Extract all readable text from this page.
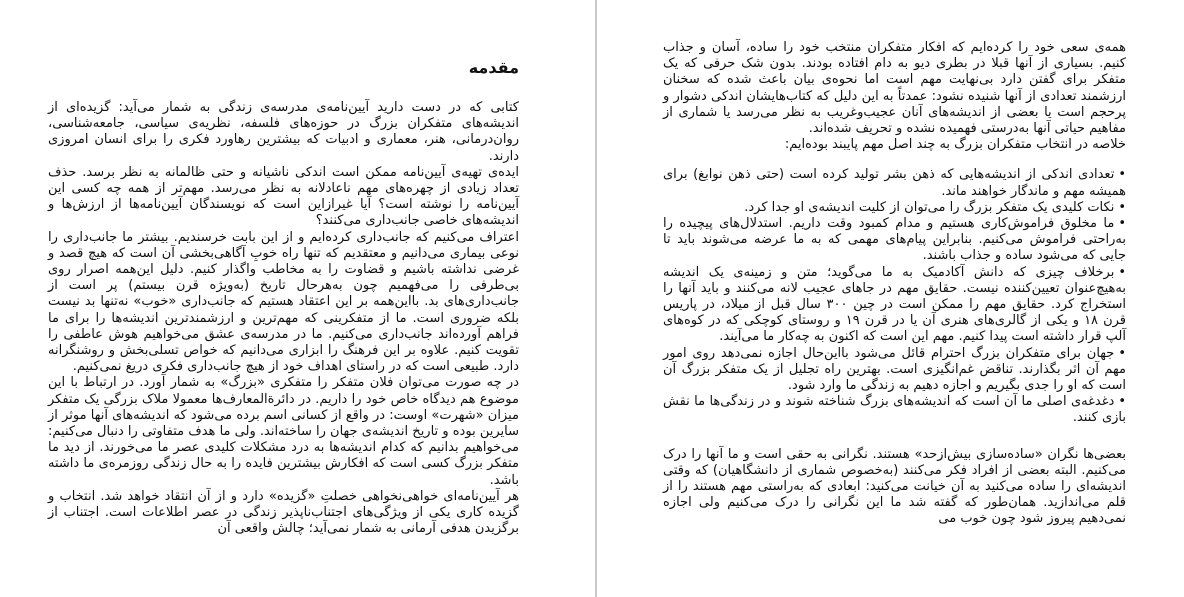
مقدمه

کتابی که در دست دارید آیین‌نامه‌ی مدرسه‌ی زندگی به شمار می‌آید: گزیده‌ای از اندیشه‌های متفکران بزرگ در حوزه‌های فلسفه، نظریه‌ی سیاسی، جامعه‌شناسی، روان‌درمانی، هنر، معماری و ادبیات که بیشترین رهاورد فکری را برای انسان امروزی دارند.

ایده‌ی تهیه‌ی آیین‌نامه ممکن است اندکی ناشیانه و حتی ظالمانه به نظر برسد. حذف تعداد زیادی از چهره‌های مهم ناعادلانه به نظر می‌رسد. مهم‌تر از همه چه کسی این آیین‌نامه را نوشته است؟ آیا غیرازاین است که نویسندگان آیین‌نامه‌ها از ارزش‌ها و اندیشه‌های خاصی جانب‌داری می‌کنند؟

اعتراف می‌کنیم که جانب‌داری کرده‌ایم و از این بابت خرسندیم. بیشتر ما جانب‌داری را نوعی بیماری می‌دانیم و معتقدیم که تنها راه خوبِ آگاهی‌بخشی آن است که هیچ قصد و غرضی نداشته باشیم و قضاوت را به مخاطب واگذار کنیم. دلیل این‌همه اصرار روی بی‌طرفی را می‌فهمیم چون به‌هرحال تاریخ (به‌ویژه قرن بیستم) پر است از جانب‌داری‌های بد. بااین‌همه بر این اعتقاد هستیم که جانب‌داری «خوب» نه‌تنها بد نیست بلکه ضروری است. ما از متفکرینی که مهم‌ترین و ارزشمندترین اندیشه‌ها را برای ما فراهم آورده‌اند جانب‌داری می‌کنیم. ما در مدرسه‌ی عشق می‌خواهیم هوش عاطفی را تقویت کنیم. علاوه بر این فرهنگ را ابزاری می‌دانیم که خواص تسلی‌بخش و روشنگرانه دارد. طبیعی است که در راستای اهداف خود از هیچ جانب‌داری فکری دریغ نمی‌کنیم.

در چه صورت می‌توان فلان متفکر را متفکری «بزرگ» به شمار آورد. در ارتباط با این موضوع هم دیدگاه خاص خود را داریم. در دائرةالمعارف‌ها معمولا ملاک بزرگی یک متفکر میزان «شهرت» اوست: در واقع از کسانی اسم برده می‌شود که اندیشه‌های آنها موثر از سایرین بوده و تاریخ اندیشه‌ی جهان را ساخته‌اند. ولی ما هدف متفاوتی را دنبال می‌کنیم: می‌خواهیم بدانیم که کدام اندیشه‌ها به درد مشکلات کلیدی عصر ما می‌خورند. از دید ما متفکر بزرگ کسی است که افکارش بیشترین فایده را به حال زندگی روزمره‌ی ما داشته باشد.

هر آیین‌نامه‌ای خواهی‌نخواهی خصلتِ «گزیده» دارد و از آن انتقاد خواهد شد. انتخاب و گزیده کاری یکی از ویژگی‌های اجتناب‌ناپذیر زندگی در عصر اطلاعات است. اجتناب از برگزیدن هدفی آرمانی به شمار نمی‌آید؛ چالش واقعی آن

همه‌ی سعی خود را کرده‌ایم که افکار متفکران منتخب خود را ساده، آسان و جذاب کنیم. بسیاری از آنها قبلا در بطری دیو به دام افتاده بودند. بدون شک حرفی که یک متفکر برای گفتن دارد بی‌نهایت مهم است اما نحوه‌ی بیان باعث شده که سخنان ارزشمند تعدادی از آنها شنیده نشود: عمدتاً به این دلیل که کتاب‌هایشان اندکی دشوار و پرحجم است یا بعضی از اندیشه‌های آنان عجیب‌وغریب به نظر می‌رسد یا شماری از مفاهیم حیاتی آنها به‌درستی فهمیده نشده و تحریف شده‌اند.

خلاصه در انتخاب متفکران بزرگ به چند اصل مهم پایبند بوده‌ایم:

•تعدادی اندکی از اندیشه‌هایی که ذهن بشر تولید کرده است (حتی ذهن نوابغ) برای همیشه مهم و ماندگار خواهند ماند.
•نکات کلیدی یک متفکر بزرگ را می‌توان از کلیت اندیشه‌ی او جدا کرد.
•ما مخلوق فراموش‌کاری هستیم و مدام کمبود وقت داریم. استدلال‌های پیچیده را به‌راحتی فراموش می‌کنیم. بنابراین پیام‌های مهمی که به ما عرضه می‌شوند باید تا جایی که می‌شود ساده و جذاب باشند.
•برخلاف چیزی که دانش آکادمیک به ما می‌گوید؛ متن و زمینه‌ی یک اندیشه به‌هیچ‌عنوان تعیین‌کننده نیست. حقایق مهم در جاهای عجیب لانه می‌کنند و باید آنها را استخراج کرد. حقایق مهم را ممکن است در چین ۳۰۰ سال قبل از میلاد، در پاریس قرن ۱۸ و یکی از گالری‌های هنری آن یا در قرن ۱۹ و روستای کوچکی که در کوه‌های آلپ قرار داشته است پیدا کنیم. مهم این است که اکنون به چه‌کار ما می‌آیند.
•جهان برای متفکران بزرگ احترام قائل می‌شود بااین‌حال اجازه نمی‌دهد روی امور مهم آن اثر بگذارند. تناقض غم‌انگیزی است. بهترین راه تجلیل از یک متفکر بزرگ آن است که او را جدی بگیریم و اجازه دهیم به زندگی ما وارد شود.
•دغدغه‌ی اصلی ما آن است که اندیشه‌های بزرگ شناخته شوند و در زندگی‌ها ما نقش بازی کنند.

بعضی‌ها نگران «ساده‌سازی بیش‌ازحد» هستند. نگرانی به حقی است و ما آنها را درک می‌کنیم. البته بعضی از افراد فکر می‌کنند (به‌خصوص شماری از دانشگاهیان) که وقتی اندیشه‌ای را ساده می‌کنید به آن خیانت می‌کنید: ابعادی که به‌راستی مهم هستند را از قلم می‌اندازید. همان‌طور که گفته شد ما این نگرانی را درک می‌کنیم ولی اجازه نمی‌دهیم پیروز شود چون خوب می‌
